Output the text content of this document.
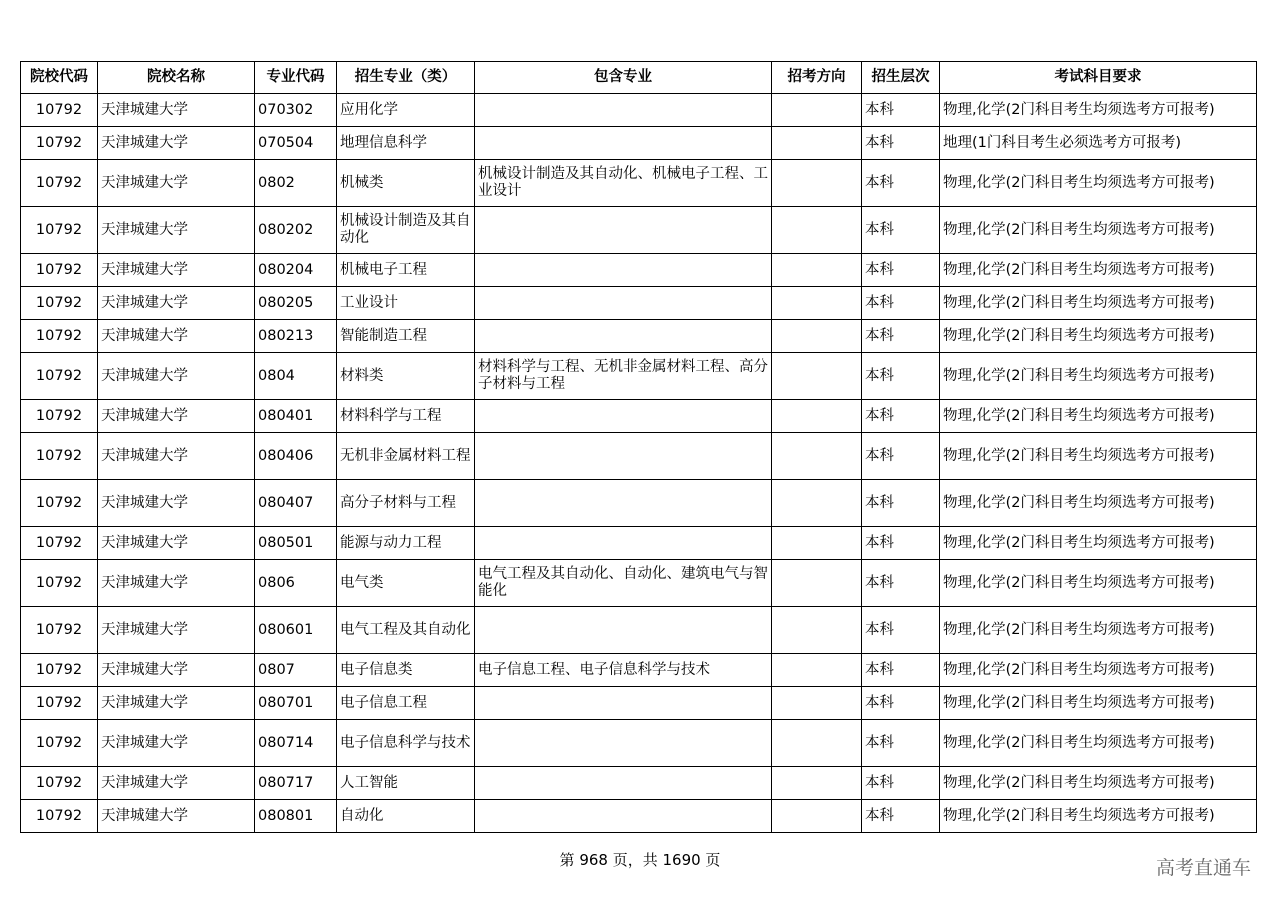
院校代码	院校名称	专业代码	招生专业（类）	包含专业	招考方向	招生层次	考试科目要求
10792	天津城建大学	070302	应用化学			本科	物理,化学(2门科目考生均须选考方可报考)
10792	天津城建大学	070504	地理信息科学			本科	地理(1门科目考生必须选考方可报考)
10792	天津城建大学	0802	机械类	机械设计制造及其自动化、机械电子工程、工业设计		本科	物理,化学(2门科目考生均须选考方可报考)
10792	天津城建大学	080202	机械设计制造及其自动化			本科	物理,化学(2门科目考生均须选考方可报考)
10792	天津城建大学	080204	机械电子工程			本科	物理,化学(2门科目考生均须选考方可报考)
10792	天津城建大学	080205	工业设计			本科	物理,化学(2门科目考生均须选考方可报考)
10792	天津城建大学	080213	智能制造工程			本科	物理,化学(2门科目考生均须选考方可报考)
10792	天津城建大学	0804	材料类	材料科学与工程、无机非金属材料工程、高分子材料与工程		本科	物理,化学(2门科目考生均须选考方可报考)
10792	天津城建大学	080401	材料科学与工程			本科	物理,化学(2门科目考生均须选考方可报考)
10792	天津城建大学	080406	无机非金属材料工程			本科	物理,化学(2门科目考生均须选考方可报考)
10792	天津城建大学	080407	高分子材料与工程			本科	物理,化学(2门科目考生均须选考方可报考)
10792	天津城建大学	080501	能源与动力工程			本科	物理,化学(2门科目考生均须选考方可报考)
10792	天津城建大学	0806	电气类	电气工程及其自动化、自动化、建筑电气与智能化		本科	物理,化学(2门科目考生均须选考方可报考)
10792	天津城建大学	080601	电气工程及其自动化			本科	物理,化学(2门科目考生均须选考方可报考)
10792	天津城建大学	0807	电子信息类	电子信息工程、电子信息科学与技术		本科	物理,化学(2门科目考生均须选考方可报考)
10792	天津城建大学	080701	电子信息工程			本科	物理,化学(2门科目考生均须选考方可报考)
10792	天津城建大学	080714	电子信息科学与技术			本科	物理,化学(2门科目考生均须选考方可报考)
10792	天津城建大学	080717	人工智能			本科	物理,化学(2门科目考生均须选考方可报考)
10792	天津城建大学	080801	自动化			本科	物理,化学(2门科目考生均须选考方可报考)
第 968 页，共 1690 页	高考直通车
